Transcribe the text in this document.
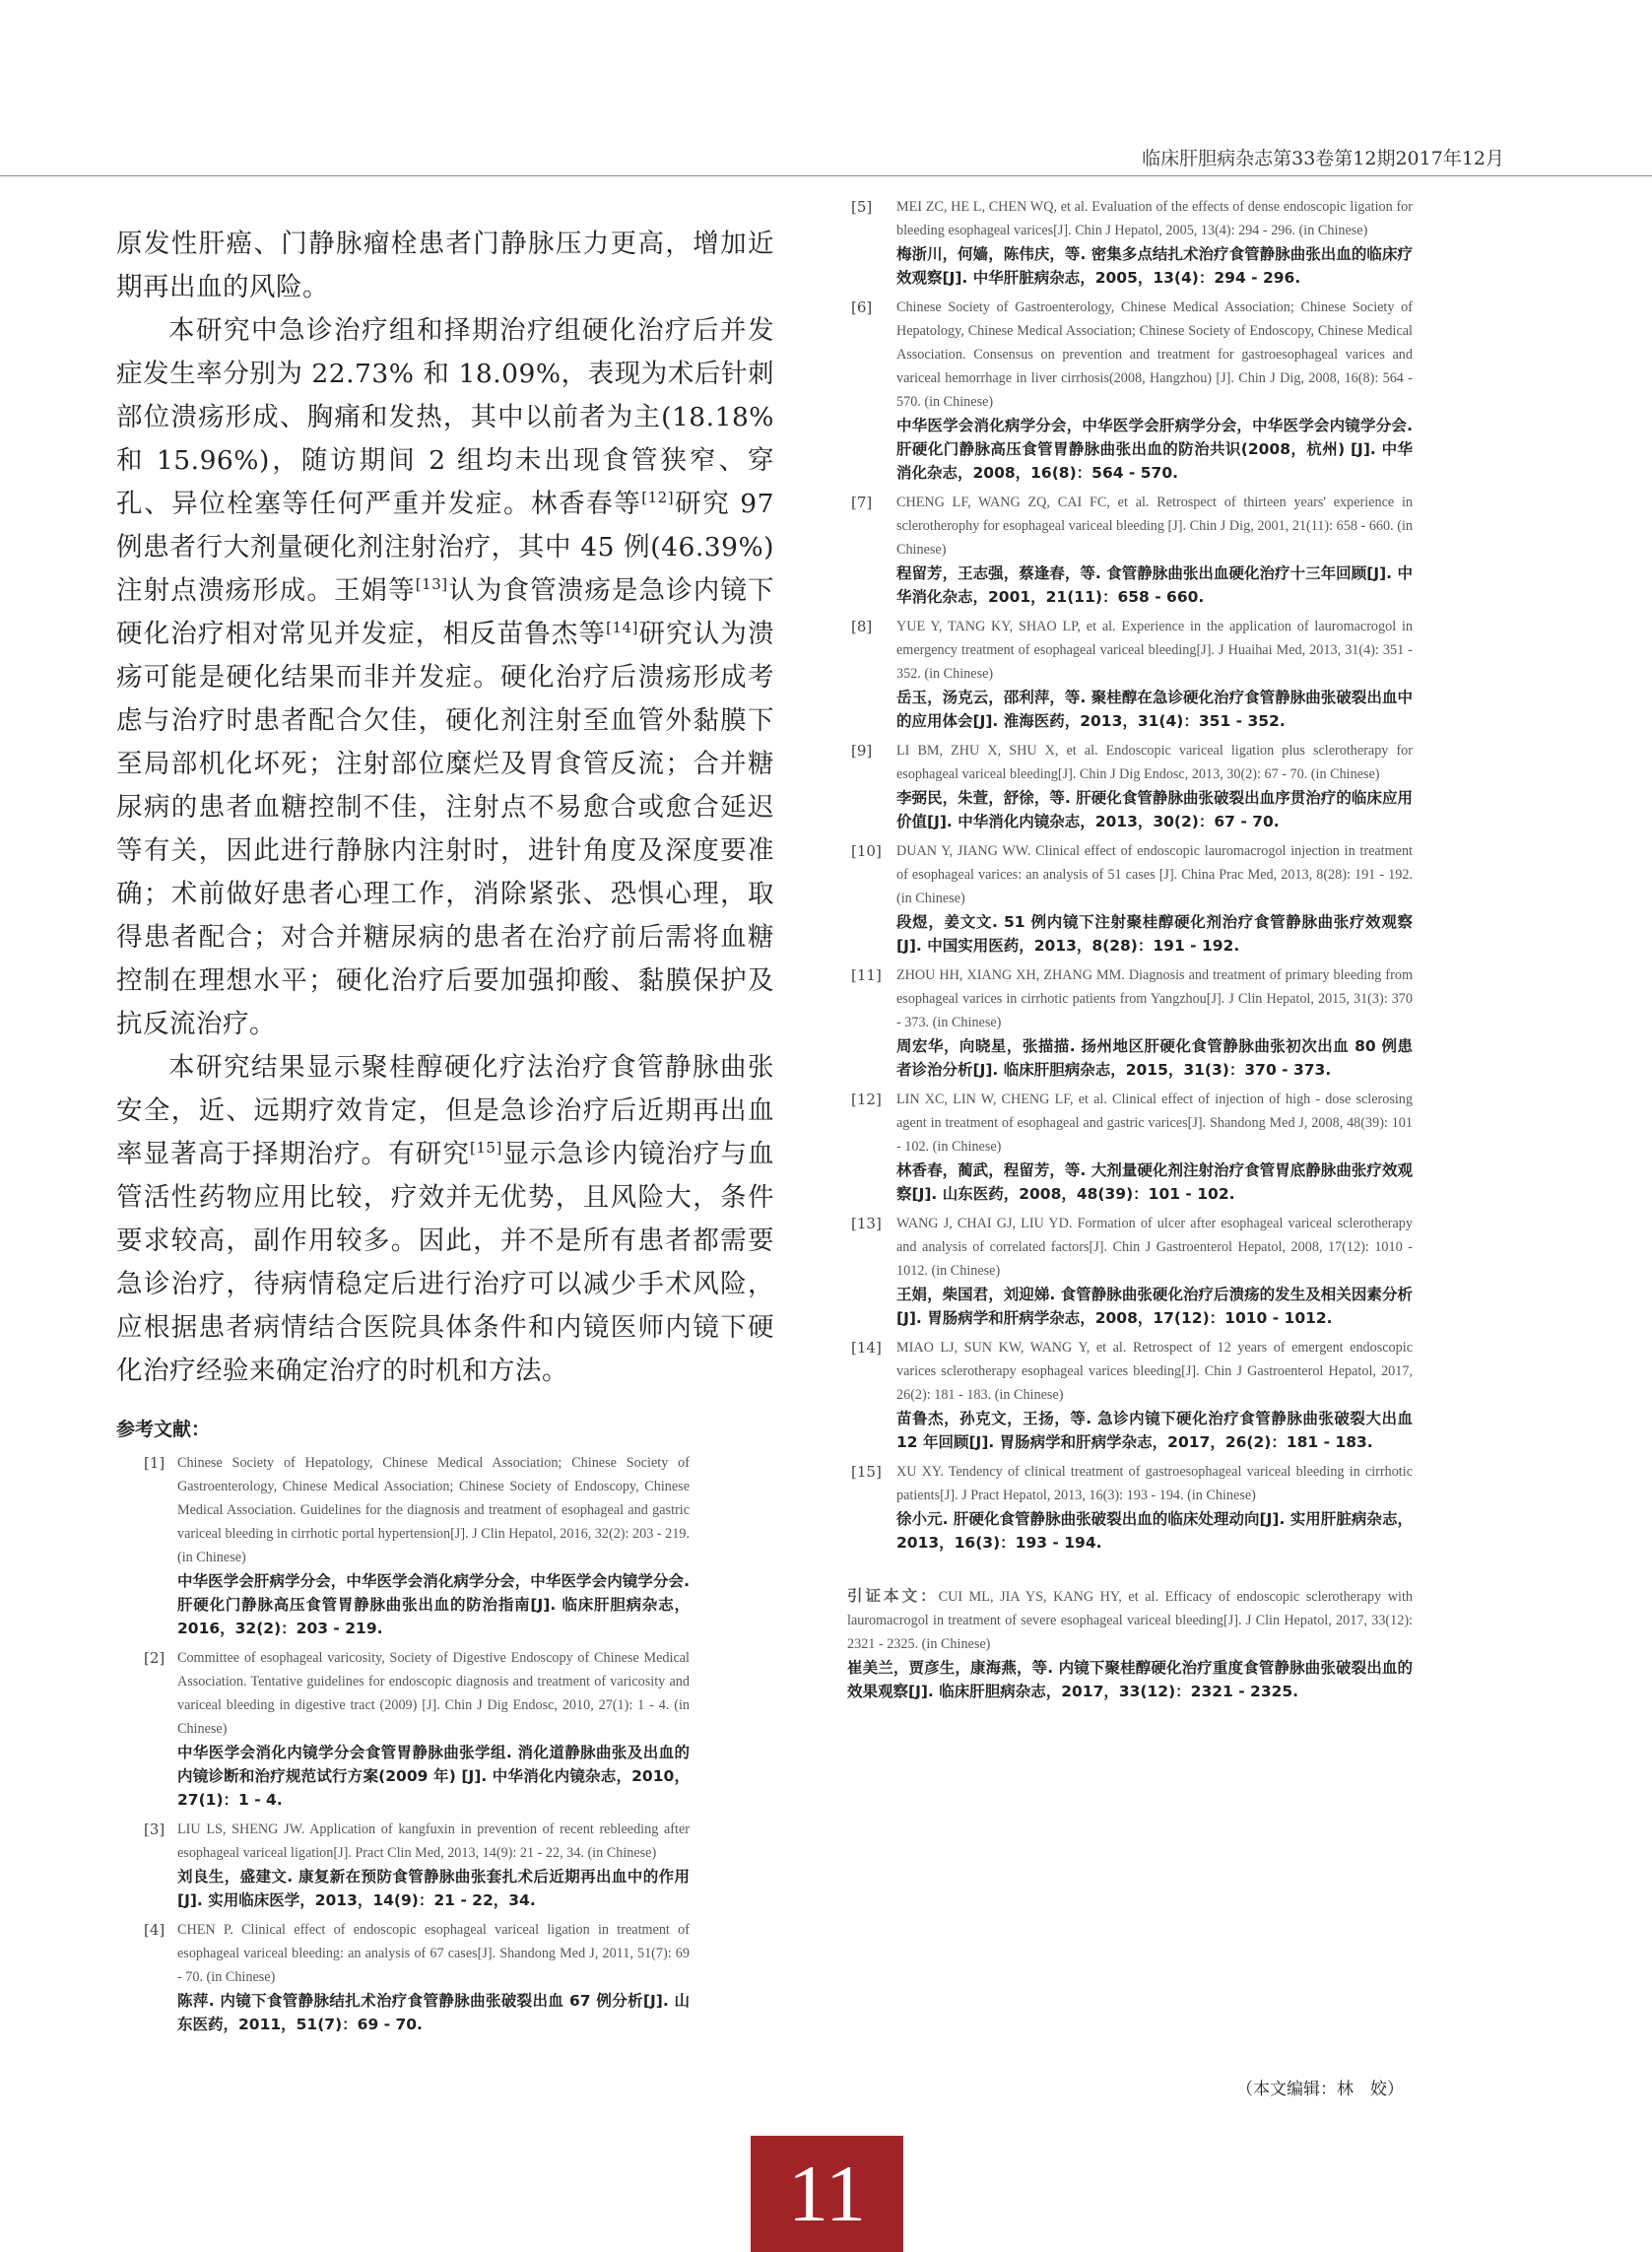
临床肝胆病杂志第33卷第12期2017年12月

原发性肝癌、门静脉瘤栓患者门静脉压力更高，增加近期再出血的风险。

本研究中急诊治疗组和择期治疗组硬化治疗后并发症发生率分别为 22.73% 和 18.09%，表现为术后针刺部位溃疡形成、胸痛和发热，其中以前者为主(18.18% 和 15.96%)，随访期间 2 组均未出现食管狭窄、穿孔、异位栓塞等任何严重并发症。林香春等[12]研究 97 例患者行大剂量硬化剂注射治疗，其中 45 例(46.39%)注射点溃疡形成。王娟等[13]认为食管溃疡是急诊内镜下硬化治疗相对常见并发症，相反苗鲁杰等[14]研究认为溃疡可能是硬化结果而非并发症。硬化治疗后溃疡形成考虑与治疗时患者配合欠佳，硬化剂注射至血管外黏膜下至局部机化坏死；注射部位糜烂及胃食管反流；合并糖尿病的患者血糖控制不佳，注射点不易愈合或愈合延迟等有关，因此进行静脉内注射时，进针角度及深度要准确；术前做好患者心理工作，消除紧张、恐惧心理，取得患者配合；对合并糖尿病的患者在治疗前后需将血糖控制在理想水平；硬化治疗后要加强抑酸、黏膜保护及抗反流治疗。

本研究结果显示聚桂醇硬化疗法治疗食管静脉曲张安全，近、远期疗效肯定，但是急诊治疗后近期再出血率显著高于择期治疗。有研究[15]显示急诊内镜治疗与血管活性药物应用比较，疗效并无优势，且风险大，条件要求较高，副作用较多。因此，并不是所有患者都需要急诊治疗，待病情稳定后进行治疗可以减少手术风险，应根据患者病情结合医院具体条件和内镜医师内镜下硬化治疗经验来确定治疗的时机和方法。

参考文献：
[1] Chinese Society of Hepatology, Chinese Medical Association; Chinese Society of Gastroenterology, Chinese Medical Association; Chinese Society of Endoscopy, Chinese Medical Association. Guidelines for the diagnosis and treatment of esophageal and gastric variceal bleeding in cirrhotic portal hypertension[J]. J Clin Hepatol, 2016, 32(2): 203 - 219. (in Chinese)

中华医学会肝病学分会，中华医学会消化病学分会，中华医学会内镜学分会. 肝硬化门静脉高压食管胃静脉曲张出血的防治指南[J]. 临床肝胆病杂志，2016，32(2)：203 - 219.

[2] Committee of esophageal varicosity, Society of Digestive Endoscopy of Chinese Medical Association. Tentative guidelines for endoscopic diagnosis and treatment of varicosity and variceal bleeding in digestive tract (2009) [J]. Chin J Dig Endosc, 2010, 27(1): 1 - 4. (in Chinese)

中华医学会消化内镜学分会食管胃静脉曲张学组. 消化道静脉曲张及出血的内镜诊断和治疗规范试行方案(2009 年) [J]. 中华消化内镜杂志，2010，27(1)：1 - 4.

[3] LIU LS, SHENG JW. Application of kangfuxin in prevention of recent rebleeding after esophageal variceal ligation[J]. Pract Clin Med, 2013, 14(9): 21 - 22, 34. (in Chinese)

刘良生，盛建文. 康复新在预防食管静脉曲张套扎术后近期再出血中的作用[J]. 实用临床医学，2013，14(9)：21 - 22，34.

[4] CHEN P. Clinical effect of endoscopic esophageal variceal ligation in treatment of esophageal variceal bleeding: an analysis of 67 cases[J]. Shandong Med J, 2011, 51(7): 69 - 70. (in Chinese)

陈萍. 内镜下食管静脉结扎术治疗食管静脉曲张破裂出血 67 例分析[J]. 山东医药，2011，51(7)：69 - 70.

[5]	MEI ZC, HE L, CHEN WQ, et al. Evaluation of the effects of dense endoscopic ligation for bleeding esophageal varices[J]. Chin J Hepatol, 2005, 13(4): 294 - 296. (in Chinese)

梅浙川，何嫱，陈伟庆，等. 密集多点结扎术治疗食管静脉曲张出血的临床疗效观察[J]. 中华肝脏病杂志，2005，13(4)：294 - 296.

[6]	Chinese Society of Gastroenterology, Chinese Medical Association; Chinese Society of Hepatology, Chinese Medical Association; Chinese Society of Endoscopy, Chinese Medical Association. Consensus on prevention and treatment for gastroesophageal varices and variceal hemorrhage in liver cirrhosis(2008, Hangzhou) [J]. Chin J Dig, 2008, 16(8): 564 - 570. (in Chinese)

中华医学会消化病学分会，中华医学会肝病学分会，中华医学会内镜学分会. 肝硬化门静脉高压食管胃静脉曲张出血的防治共识(2008，杭州) [J]. 中华消化杂志，2008，16(8)：564 - 570.

[7]	CHENG LF, WANG ZQ, CAI FC, et al. Retrospect of thirteen years' experience in sclerotherophy for esophageal variceal bleeding [J]. Chin J Dig, 2001, 21(11): 658 - 660. (in Chinese)

程留芳，王志强，蔡逢春，等. 食管静脉曲张出血硬化治疗十三年回顾[J]. 中华消化杂志，2001，21(11)：658 - 660.

[8]	YUE Y, TANG KY, SHAO LP, et al. Experience in the application of lauromacrogol in emergency treatment of esophageal variceal bleeding[J]. J Huaihai Med, 2013, 31(4): 351 - 352. (in Chinese)

岳玉，汤克云，邵利萍，等. 聚桂醇在急诊硬化治疗食管静脉曲张破裂出血中的应用体会[J]. 淮海医药，2013，31(4)：351 - 352.

[9]	LI BM, ZHU X, SHU X, et al. Endoscopic variceal ligation plus sclerotherapy for esophageal variceal bleeding[J]. Chin J Dig Endosc, 2013, 30(2): 67 - 70. (in Chinese)

李弼民，朱萱，舒徐，等. 肝硬化食管静脉曲张破裂出血序贯治疗的临床应用价值[J]. 中华消化内镜杂志，2013，30(2)：67 - 70.

[10]	DUAN Y, JIANG WW. Clinical effect of endoscopic lauromacrogol injection in treatment of esophageal varices: an analysis of 51 cases [J]. China Prac Med, 2013, 8(28): 191 - 192. (in Chinese)

段煜，姜文文. 51 例内镜下注射聚桂醇硬化剂治疗食管静脉曲张疗效观察[J]. 中国实用医药，2013，8(28)：191 - 192.

[11]	ZHOU HH, XIANG XH, ZHANG MM. Diagnosis and treatment of primary bleeding from esophageal varices in cirrhotic patients from Yangzhou[J]. J Clin Hepatol, 2015, 31(3): 370 - 373. (in Chinese)

周宏华，向晓星，张描描. 扬州地区肝硬化食管静脉曲张初次出血 80 例患者诊治分析[J]. 临床肝胆病杂志，2015，31(3)：370 - 373.

[12]	LIN XC, LIN W, CHENG LF, et al. Clinical effect of injection of high - dose sclerosing agent in treatment of esophageal and gastric varices[J]. Shandong Med J, 2008, 48(39): 101 - 102. (in Chinese)

林香春，蔺武，程留芳，等. 大剂量硬化剂注射治疗食管胃底静脉曲张疗效观察[J]. 山东医药，2008，48(39)：101 - 102.

[13]	WANG J, CHAI GJ, LIU YD. Formation of ulcer after esophageal variceal sclerotherapy and analysis of correlated factors[J]. Chin J Gastroenterol Hepatol, 2008, 17(12): 1010 - 1012. (in Chinese)

王娟，柴国君，刘迎娣. 食管静脉曲张硬化治疗后溃疡的发生及相关因素分析[J]. 胃肠病学和肝病学杂志，2008，17(12)：1010 - 1012.

[14]	MIAO LJ, SUN KW, WANG Y, et al. Retrospect of 12 years of emergent endoscopic varices sclerotherapy esophageal varices bleeding[J]. Chin J Gastroenterol Hepatol, 2017, 26(2): 181 - 183. (in Chinese)

苗鲁杰，孙克文，王扬，等. 急诊内镜下硬化治疗食管静脉曲张破裂大出血 12 年回顾[J]. 胃肠病学和肝病学杂志，2017，26(2)：181 - 183.

[15]	XU XY. Tendency of clinical treatment of gastroesophageal variceal bleeding in cirrhotic patients[J]. J Pract Hepatol, 2013, 16(3): 193 - 194. (in Chinese)

徐小元. 肝硬化食管静脉曲张破裂出血的临床处理动向[J]. 实用肝脏病杂志，2013，16(3)：193 - 194.

引证本文：CUI ML, JIA YS, KANG HY, et al. Efficacy of endoscopic sclerotherapy with lauromacrogol in treatment of severe esophageal variceal bleeding[J]. J Clin Hepatol, 2017, 33(12): 2321 - 2325. (in Chinese)

崔美兰，贾彦生，康海燕，等. 内镜下聚桂醇硬化治疗重度食管静脉曲张破裂出血的效果观察[J]. 临床肝胆病杂志，2017，33(12)：2321 - 2325.

（本文编辑：林　姣）
11
